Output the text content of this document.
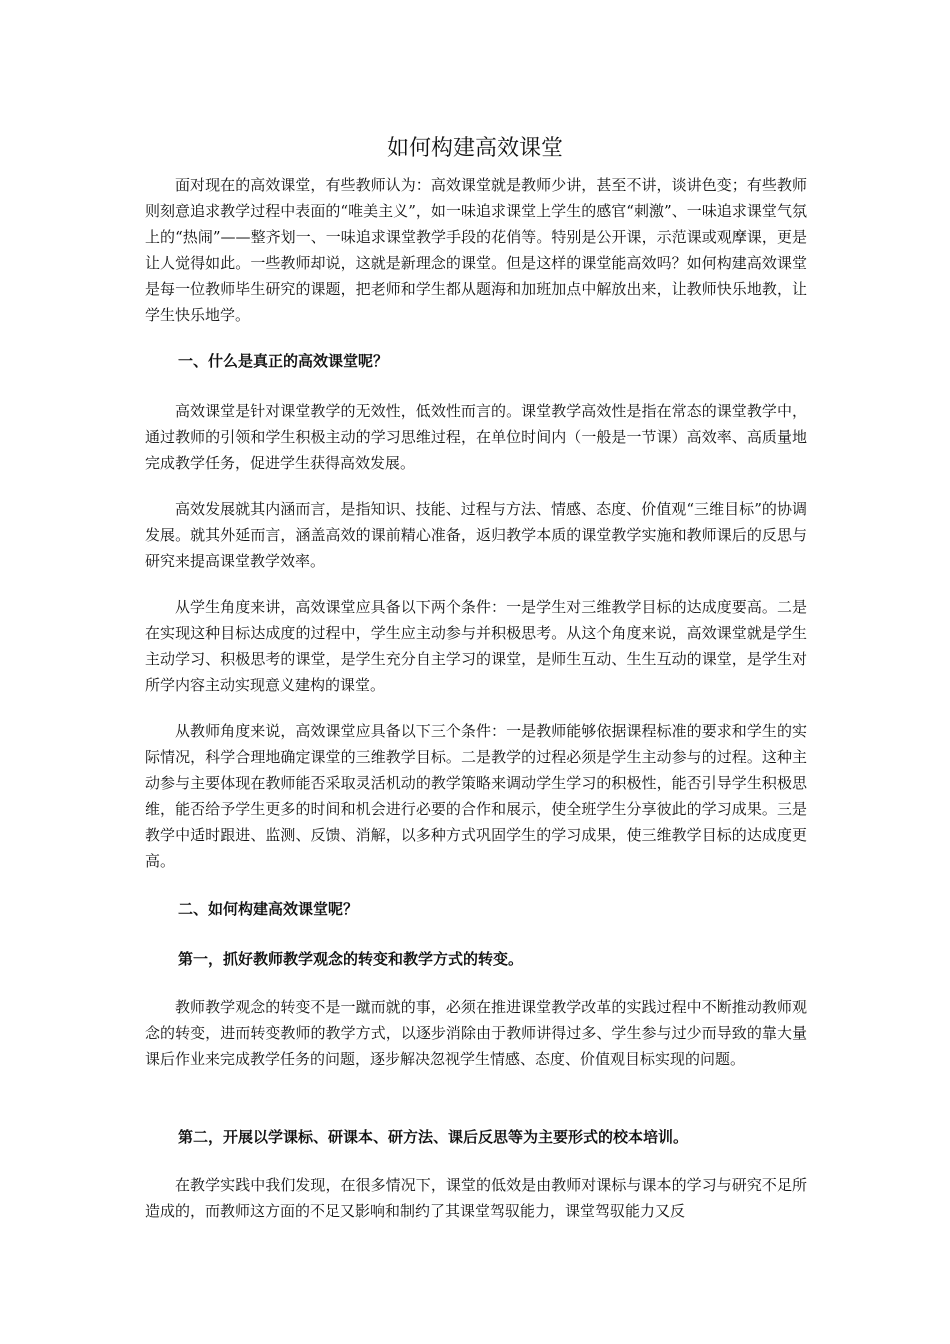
如何构建高效课堂

面对现在的高效课堂，有些教师认为：高效课堂就是教师少讲，甚至不讲，谈讲色变；有些教师则刻意追求教学过程中表面的“唯美主义”，如一味追求课堂上学生的感官“刺激”、一味追求课堂气氛上的“热闹”——整齐划一、一味追求课堂教学手段的花俏等。特别是公开课，示范课或观摩课，更是让人觉得如此。一些教师却说，这就是新理念的课堂。但是这样的课堂能高效吗？如何构建高效课堂是每一位教师毕生研究的课题，把老师和学生都从题海和加班加点中解放出来，让教师快乐地教，让学生快乐地学。

一、什么是真正的高效课堂呢？

高效课堂是针对课堂教学的无效性，低效性而言的。课堂教学高效性是指在常态的课堂教学中，通过教师的引领和学生积极主动的学习思维过程，在单位时间内（一般是一节课）高效率、高质量地完成教学任务，促进学生获得高效发展。

高效发展就其内涵而言，是指知识、技能、过程与方法、情感、态度、价值观“三维目标”的协调发展。就其外延而言，涵盖高效的课前精心准备，返归教学本质的课堂教学实施和教师课后的反思与研究来提高课堂教学效率。

从学生角度来讲，高效课堂应具备以下两个条件：一是学生对三维教学目标的达成度要高。二是在实现这种目标达成度的过程中，学生应主动参与并积极思考。从这个角度来说，高效课堂就是学生主动学习、积极思考的课堂，是学生充分自主学习的课堂，是师生互动、生生互动的课堂，是学生对所学内容主动实现意义建构的课堂。

从教师角度来说，高效课堂应具备以下三个条件：一是教师能够依据课程标准的要求和学生的实际情况，科学合理地确定课堂的三维教学目标。二是教学的过程必须是学生主动参与的过程。这种主动参与主要体现在教师能否采取灵活机动的教学策略来调动学生学习的积极性，能否引导学生积极思维，能否给予学生更多的时间和机会进行必要的合作和展示，使全班学生分享彼此的学习成果。三是教学中适时跟进、监测、反馈、消解，以多种方式巩固学生的学习成果，使三维教学目标的达成度更高。

二、如何构建高效课堂呢？

第一，抓好教师教学观念的转变和教学方式的转变。

教师教学观念的转变不是一蹴而就的事，必须在推进课堂教学改革的实践过程中不断推动教师观念的转变，进而转变教师的教学方式，以逐步消除由于教师讲得过多、学生参与过少而导致的靠大量课后作业来完成教学任务的问题，逐步解决忽视学生情感、态度、价值观目标实现的问题。

第二，开展以学课标、研课本、研方法、课后反思等为主要形式的校本培训。

在教学实践中我们发现，在很多情况下，课堂的低效是由教师对课标与课本的学习与研究不足所造成的，而教师这方面的不足又影响和制约了其课堂驾驭能力，课堂驾驭能力又反
